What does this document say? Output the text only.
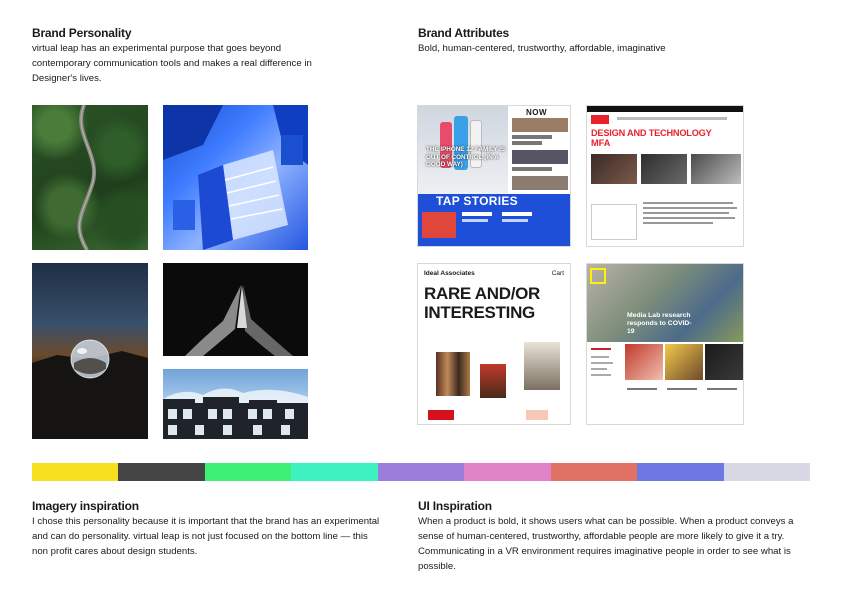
Brand Personality
virtual leap has an experimental purpose that goes beyond contemporary communication tools and makes a real difference in Designer's lives.
Brand Attributes
Bold, human-centered, trustworthy, affordable, imaginative
THE IPHONE 12 FAMILY IS OUT OF CONTROL (IN A GOOD WAY)
NOW
TAP STORIES
DESIGN AND TECHNOLOGY
MFA
Ideal Associates	Cart
RARE AND/OR INTERESTING	Media Lab research responds to COVID-19
Imagery inspiration
I chose this personality because it is important that the brand has an experimental and can do personality. virtual leap is not just focused on the bottom line — this non profit cares about design students.
UI Inspiration
When a product is bold, it shows users what can be possible. When a product conveys a sense of human-centered, trustworthy, affordable people are more likely to give it a try. Communicating in a VR environment requires imaginative people in order to see what is possible.
